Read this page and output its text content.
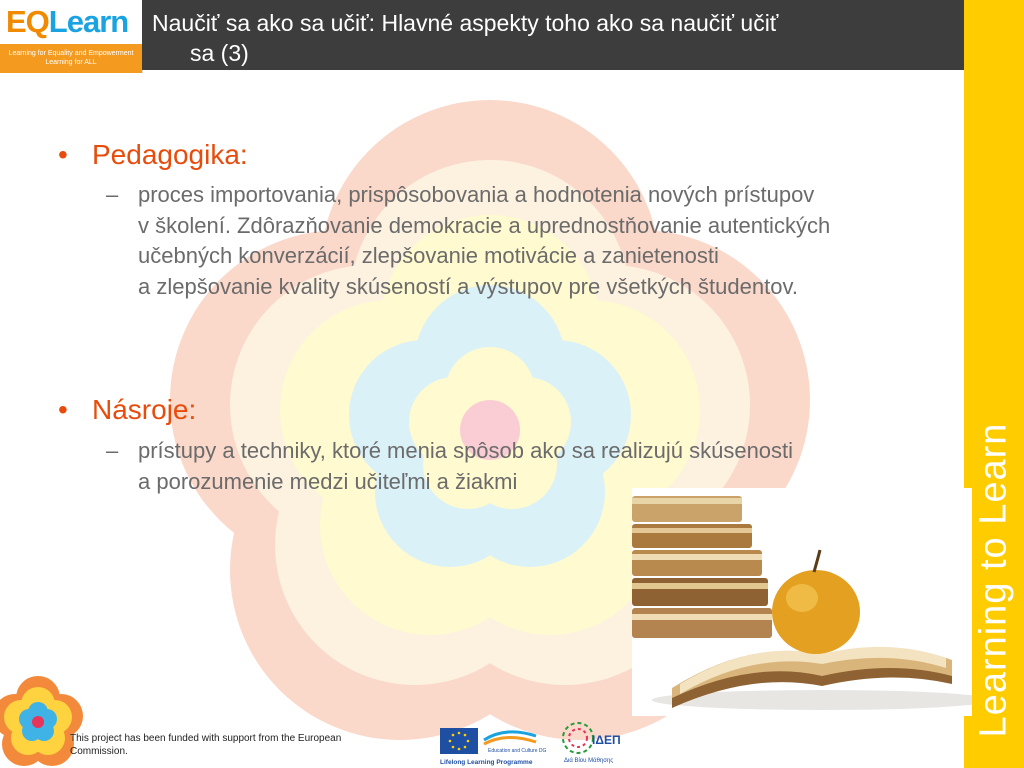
EQLearn
Learning for Equality and Empowerment
Learning for ALL
Naučiť sa ako sa učiť: Hlavné aspekty toho ako sa naučiť učiť
sa (3)
Learning to Learn
• Pedagogika:
– proces importovania, prispôsobovania a hodnotenia nových prístupov
v školení. Zdôrazňovanie demokracie a uprednostňovanie autentických
učebných konverzácií, zlepšovanie motivácie a zanietenosti
a zlepšovanie kvality skúseností a výstupov pre všetkých študentov.
• Násroje:
– prístupy a techniky, ktoré menia spôsob ako sa realizujú skúsenosti
a porozumenie medzi učiteľmi a žiakmi
This project has been funded with support from the European
Commission.	Education and Culture DG
Lifelong Learning Programme
ΙΔΕΠ
Διά Βίου Μάθησης
